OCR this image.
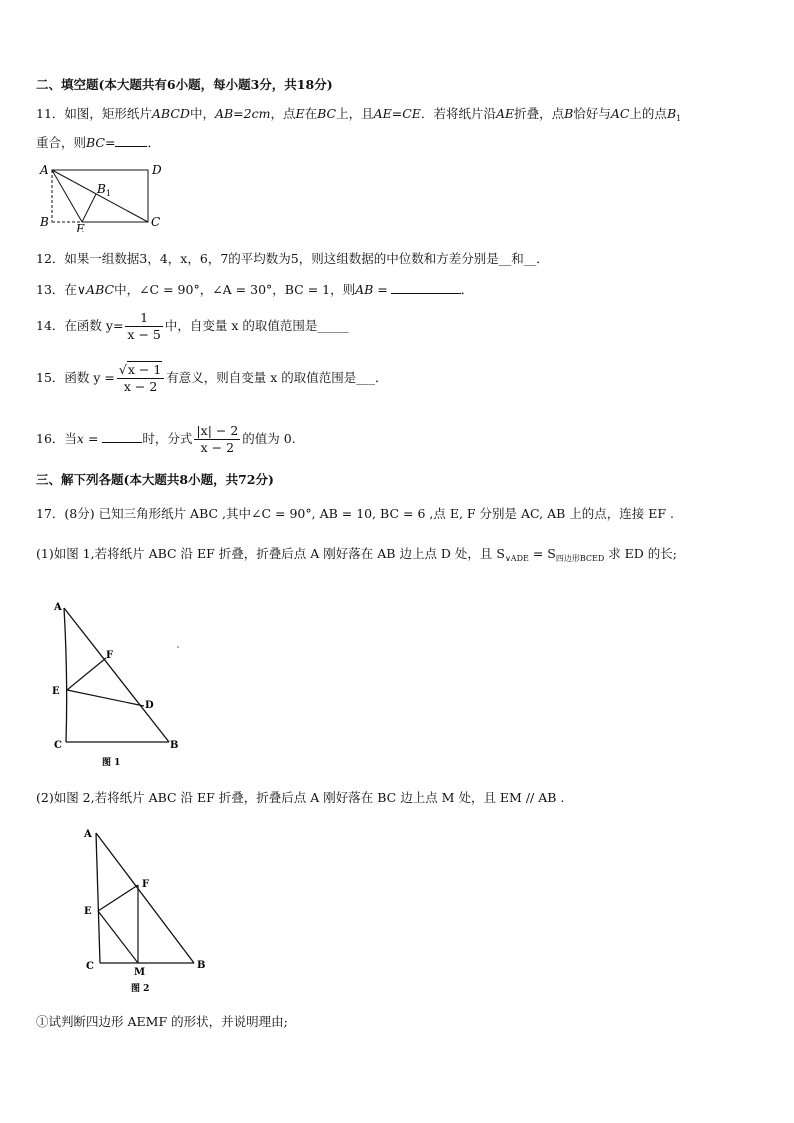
二、填空题(本大题共有6小题，每小题3分，共18分)
11．如图，矩形纸片ABCD中，AB=2cm，点E在BC上，且AE=CE．若将纸片沿AE折叠，点B恰好与AC上的点$B_1$
重合，则BC=	．
A	D
B	C
E
B 1
12．如果一组数据3，4，x，6，7的平均数为5，则这组数据的中位数和方差分别是__和__．
13．在∨ABC中，∠C = 90°，∠A = 30°，BC = 1，则AB =	．
14．在函数 $y= \frac{1}{x - 5}$ 中，自变量 x 的取值范围是_____
15．函数 $y = \frac{√x - 1}{x - 2}$ 有意义，则自变量 x 的取值范围是___．
16．当x =	时，分式 $\frac{|x| - 2}{x - 2}$ 的值为 0.
三、解下列各题(本大题共8小题，共72分)
17．(8分) 已知三角形纸片 ABC ,其中∠C = 90°, AB = 10, BC = 6 ,点 E, F 分别是 AC, AB 上的点，连接 EF .
(1)如图 1,若将纸片 ABC 沿 EF 折叠，折叠后点 A 刚好落在 AB 边上点 D 处，且 $S_{\vee ADE} = S_{四边形BCED}$ 求 ED 的长;
A
F
E
D
C	B
图 1
(2)如图 2,若将纸片 ABC 沿 EF 折叠，折叠后点 A 刚好落在 BC 边上点 M 处，且 EM // AB .
A
F
E
C
M
B
图 2
①试判断四边形 AEMF 的形状，并说明理由;
